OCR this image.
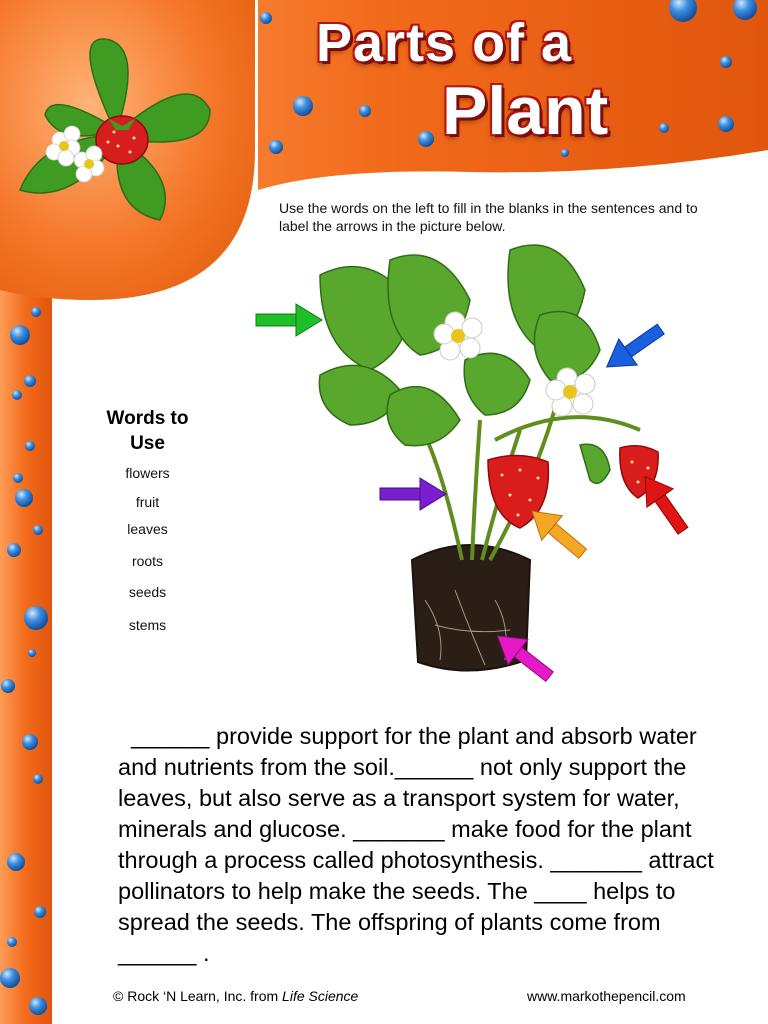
Parts of a
Plant
Use the words on the left to fill in the blanks in the sentences and to label the arrows in the picture below.
Words to
Use
flowers
fruit
leaves
roots
seeds
stems
______ provide support for the plant and absorb water and nutrients from the soil.______ not only support the leaves, but also serve as a transport system for water, minerals and glucose. _______ make food for the plant through a process called photosynthesis. _______ attract pollinators to help make the seeds. The ____ helps to spread the seeds. The offspring of plants come from ______ .
© Rock ‘N Learn, Inc. from Life Science	www.markothepencil.com
